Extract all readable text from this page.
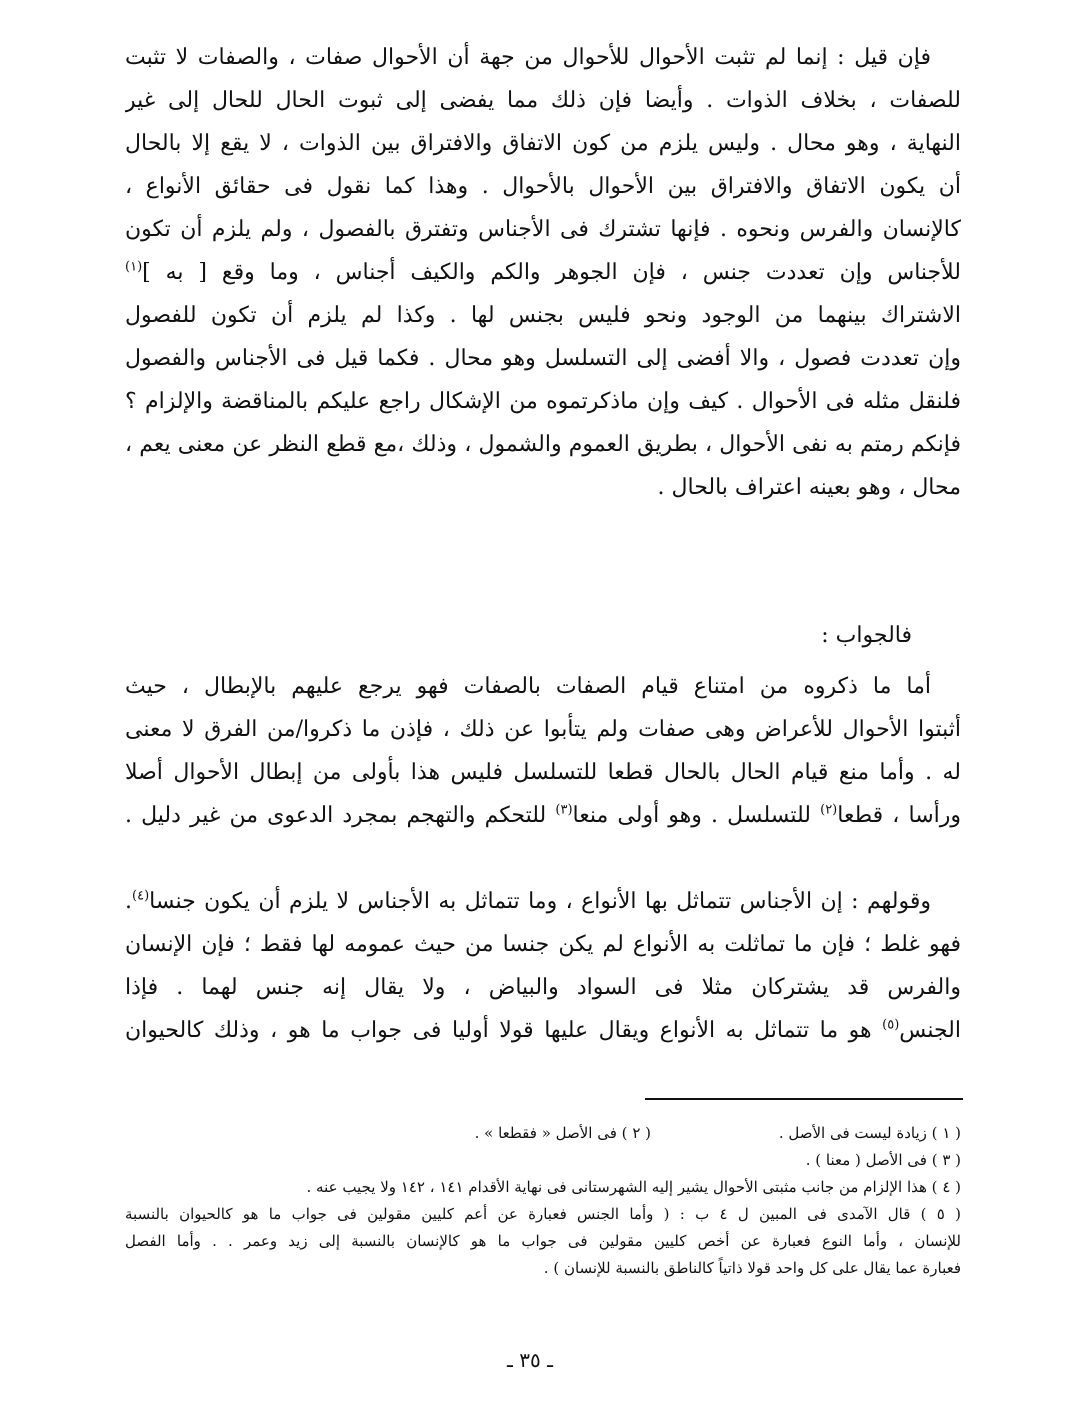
فإن قيل : إنما لم تثبت الأحوال للأحوال من جهة أن الأحوال صفات ، والصفات لا تثبت
للصفات ، بخلاف الذوات . وأيضا فإن ذلك مما يفضى إلى ثبوت الحال للحال إلى غير
النهاية ، وهو محال . وليس يلزم من كون الاتفاق والافتراق بين الذوات ، لا يقع إلا بالحال
أن يكون الاتفاق والافتراق بين الأحوال بالأحوال . وهذا كما نقول فى حقائق الأنواع ،
كالإنسان والفرس ونحوه . فإنها تشترك فى الأجناس وتفترق بالفصول ، ولم يلزم أن تكون
للأجناس وإن تعددت جنس ، فإن الجوهر والكم والكيف أجناس ، وما وقع [ به ]$^{(١)}$
الاشتراك بينهما من الوجود ونحو فليس بجنس لها . وكذا لم يلزم أن تكون للفصول
وإن تعددت فصول ، والا أفضى إلى التسلسل وهو محال . فكما قيل فى الأجناس والفصول
فلنقل مثله فى الأحوال . كيف وإن ماذكرتموه من الإشكال راجع عليكم بالمناقضة والإلزام ؟
فإنكم رمتم به نفى الأحوال ، بطريق العموم والشمول ، وذلك ،مع قطع النظر عن معنى يعم ،
محال ، وهو بعينه اعتراف بالحال .
فالجواب :
أما ما ذكروه من امتناع قيام الصفات بالصفات فهو يرجع عليهم بالإبطال ، حيث
أثبتوا الأحوال للأعراض وهى صفات ولم يتأبوا عن ذلك ، فإذن ما ذكروا/من الفرق لا معنى
له . وأما منع قيام الحال بالحال قطعا للتسلسل فليس هذا بأولى من إبطال الأحوال أصلا
ورأسا ، قطعا$^{(٢)}$ للتسلسل . وهو أولى منعا$^{(٣)}$ للتحكم والتهجم بمجرد الدعوى من غير دليل .
وقولهم : إن الأجناس تتماثل بها الأنواع ، وما تتماثل به الأجناس لا يلزم أن يكون جنسا$^{(٤)}$.
فهو غلط ؛ فإن ما تماثلت به الأنواع لم يكن جنسا من حيث عمومه لها فقط ؛ فإن الإنسان
والفرس قد يشتركان مثلا فى السواد والبياض ، ولا يقال إنه جنس لهما . فإذا
الجنس$^{(٥)}$ هو ما تتماثل به الأنواع ويقال عليها قولا أوليا فى جواب ما هو ، وذلك كالحيوان
( ١ ) زيادة ليست فى الأصل .
( ٢ ) فى الأصل « فقطعا » .
( ٣ ) فى الأصل ( معنا ) .
( ٤ ) هذا الإلزام من جانب مثبتى الأحوال يشير إليه الشهرستانى فى نهاية الأقدام ١٤١ ، ١٤٢ ولا يجيب عنه .
( ٥ ) قال الآمدى فى المبين ل ٤ ب : ( وأما الجنس فعبارة عن أعم كليين مقولين فى جواب ما هو كالحيوان بالنسبة
للإنسان ، وأما النوع فعبارة عن أخص كليين مقولين فى جواب ما هو كالإنسان بالنسبة إلى زيد وعمر . . وأما الفصل
فعبارة عما يقال على كل واحد قولا ذاتياً كالناطق بالنسبة للإنسان ) .
ـ ٣٥ ـ
